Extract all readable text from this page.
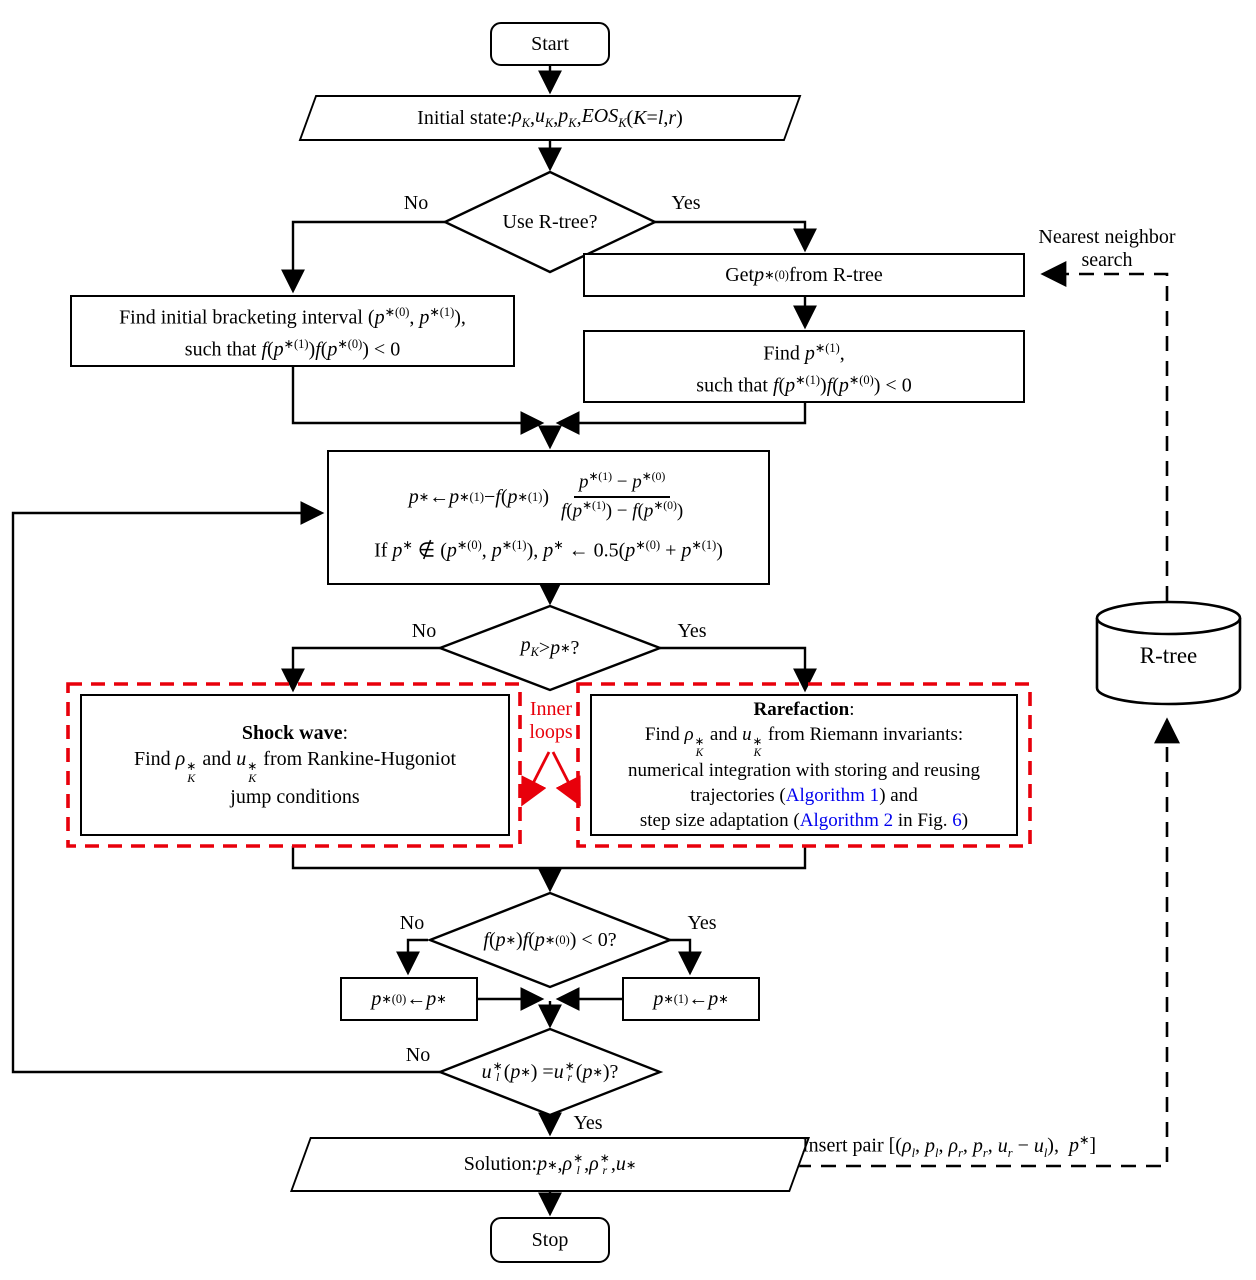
Start
Initial state: $\rho_K$ , $u_K$ , $p_K$ , $EOS_K$ ( K = l , r )
Use R-tree?
No	Yes
Get p ∗(0) from R-tree
Nearest neighbor
search
Find $p^{∗(1)}$,
such that $f(p^{∗(1)})f(p^{∗(0)}) < 0$
Find initial bracketing interval ($p^{∗(0)}$, $p^{∗(1)}$),
such that $f(p^{∗(1)})f(p^{∗(0)}) < 0$
p ∗ ← p ∗(1) − f ( p ∗(1) ) $\frac{p^{∗(1)} - p^{∗(0)}}{f(p^{∗(1)}) - f(p^{∗(0)})}$
If p∗ ∉ ($p^{∗(0)}$, $p^{∗(1)}$), p∗ ← $0.5(p^{∗(0)} + p^{∗(1)})$
$p_K > p$ ∗ ?
No	Yes
Shock wave:
Find ρ ∗
K
and u ∗
K
from Rankine-Hugoniot
jump conditions
Rarefaction:
Find ρ ∗
K
and u ∗
K
from Riemann invariants:
numerical integration with storing and reusing
trajectories (Algorithm 1) and
step size adaptation (Algorithm 2 in Fig. 6)
Inner
loops
f ( p ∗ ) f ( p ∗(0) ) < 0?
No	Yes
p ∗(0) ← p ∗	p ∗(1) ← p ∗
u ∗
l ( p ∗ ) = u ∗
r ( p ∗ )?
No
Yes
Solution: p ∗ , ρ ∗
l , ρ ∗
r , u ∗
Insert pair [($\rho_l$, $p_l$, $\rho_r$, $p_r$, $u_r - u_l$),  p∗]
R-tree
Stop
